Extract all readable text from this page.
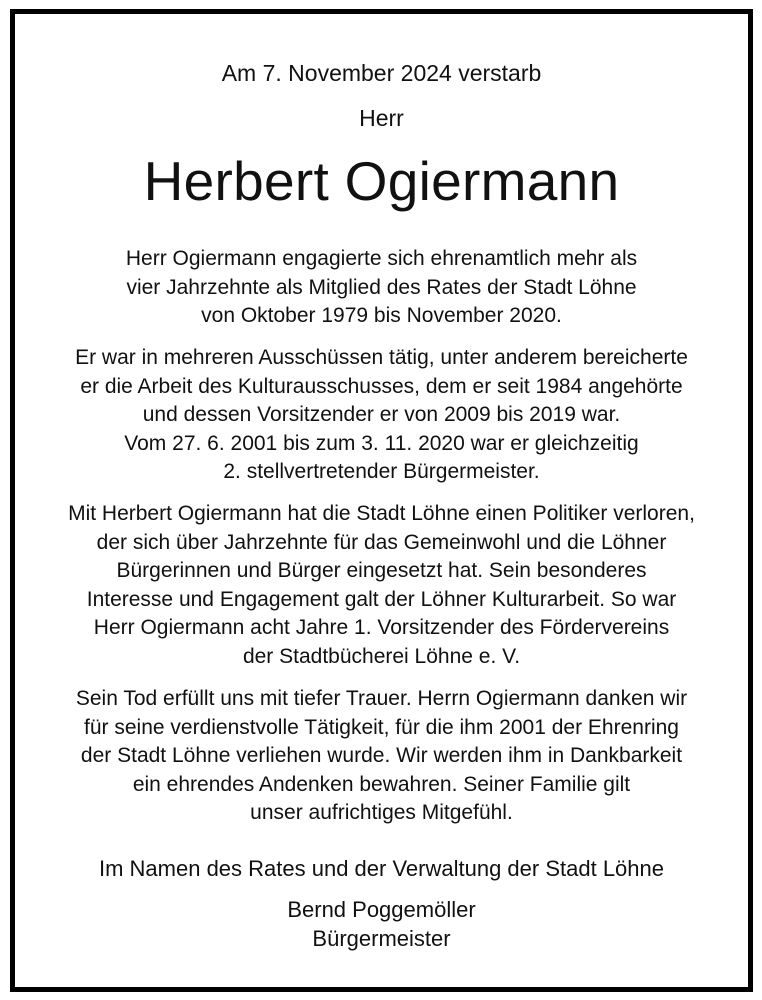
Am 7. November 2024 verstarb
Herr
Herbert Ogiermann
Herr Ogiermann engagierte sich ehrenamtlich mehr als
vier Jahrzehnte als Mitglied des Rates der Stadt Löhne
von Oktober 1979 bis November 2020.
Er war in mehreren Ausschüssen tätig, unter anderem bereicherte
er die Arbeit des Kulturausschusses, dem er seit 1984 angehörte
und dessen Vorsitzender er von 2009 bis 2019 war.
Vom 27. 6. 2001 bis zum 3. 11. 2020 war er gleichzeitig
2. stellvertretender Bürgermeister.
Mit Herbert Ogiermann hat die Stadt Löhne einen Politiker verloren,
der sich über Jahrzehnte für das Gemeinwohl und die Löhner
Bürgerinnen und Bürger eingesetzt hat. Sein besonderes
Interesse und Engagement galt der Löhner Kulturarbeit. So war
Herr Ogiermann acht Jahre 1. Vorsitzender des Fördervereins
der Stadtbücherei Löhne e. V.
Sein Tod erfüllt uns mit tiefer Trauer. Herrn Ogiermann danken wir
für seine verdienstvolle Tätigkeit, für die ihm 2001 der Ehrenring
der Stadt Löhne verliehen wurde. Wir werden ihm in Dankbarkeit
ein ehrendes Andenken bewahren. Seiner Familie gilt
unser aufrichtiges Mitgefühl.
Im Namen des Rates und der Verwaltung der Stadt Löhne
Bernd Poggemöller
Bürgermeister
